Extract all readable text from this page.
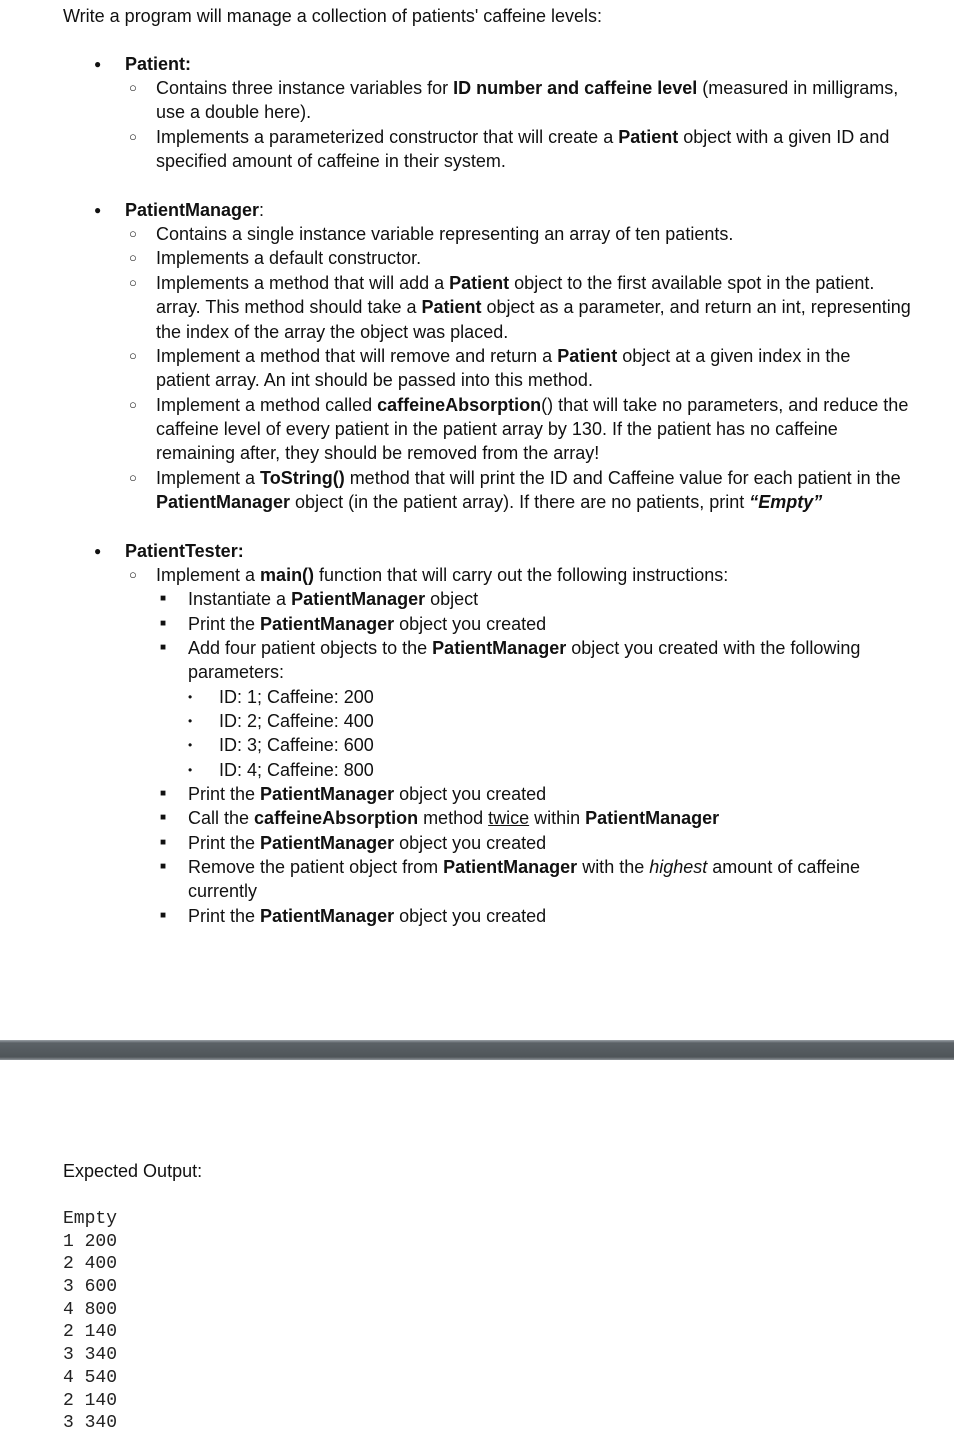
Write a program will manage a collection of patients' caffeine levels:
● Patient:
○ Contains three instance variables for ID number and caffeine level (measured in milligrams,
use a double here).
○ Implements a parameterized constructor that will create a Patient object with a given ID and
specified amount of caffeine in their system.
● PatientManager:
○ Contains a single instance variable representing an array of ten patients.
○ Implements a default constructor.
○ Implements a method that will add a Patient object to the first available spot in the patient.
array. This method should take a Patient object as a parameter, and return an int, representing
the index of the array the object was placed.
○ Implement a method that will remove and return a Patient object at a given index in the
patient array. An int should be passed into this method.
○ Implement a method called caffeineAbsorption() that will take no parameters, and reduce the
caffeine level of every patient in the patient array by 130. If the patient has no caffeine
remaining after, they should be removed from the array!
○ Implement a ToString() method that will print the ID and Caffeine value for each patient in the
PatientManager object (in the patient array). If there are no patients, print “Empty”
● PatientTester:
○ Implement a main() function that will carry out the following instructions:
■ Instantiate a PatientManager object
■ Print the PatientManager object you created
■ Add four patient objects to the PatientManager object you created with the following
parameters:
• ID: 1; Caffeine: 200
• ID: 2; Caffeine: 400
• ID: 3; Caffeine: 600
• ID: 4; Caffeine: 800
■ Print the PatientManager object you created
■ Call the caffeineAbsorption method twice within PatientManager
■ Print the PatientManager object you created
■ Remove the patient object from PatientManager with the highest amount of caffeine
currently
■ Print the PatientManager object you created
Expected Output:
Empty
1 200
2 400
3 600
4 800
2 140
3 340
4 540
2 140
3 340
